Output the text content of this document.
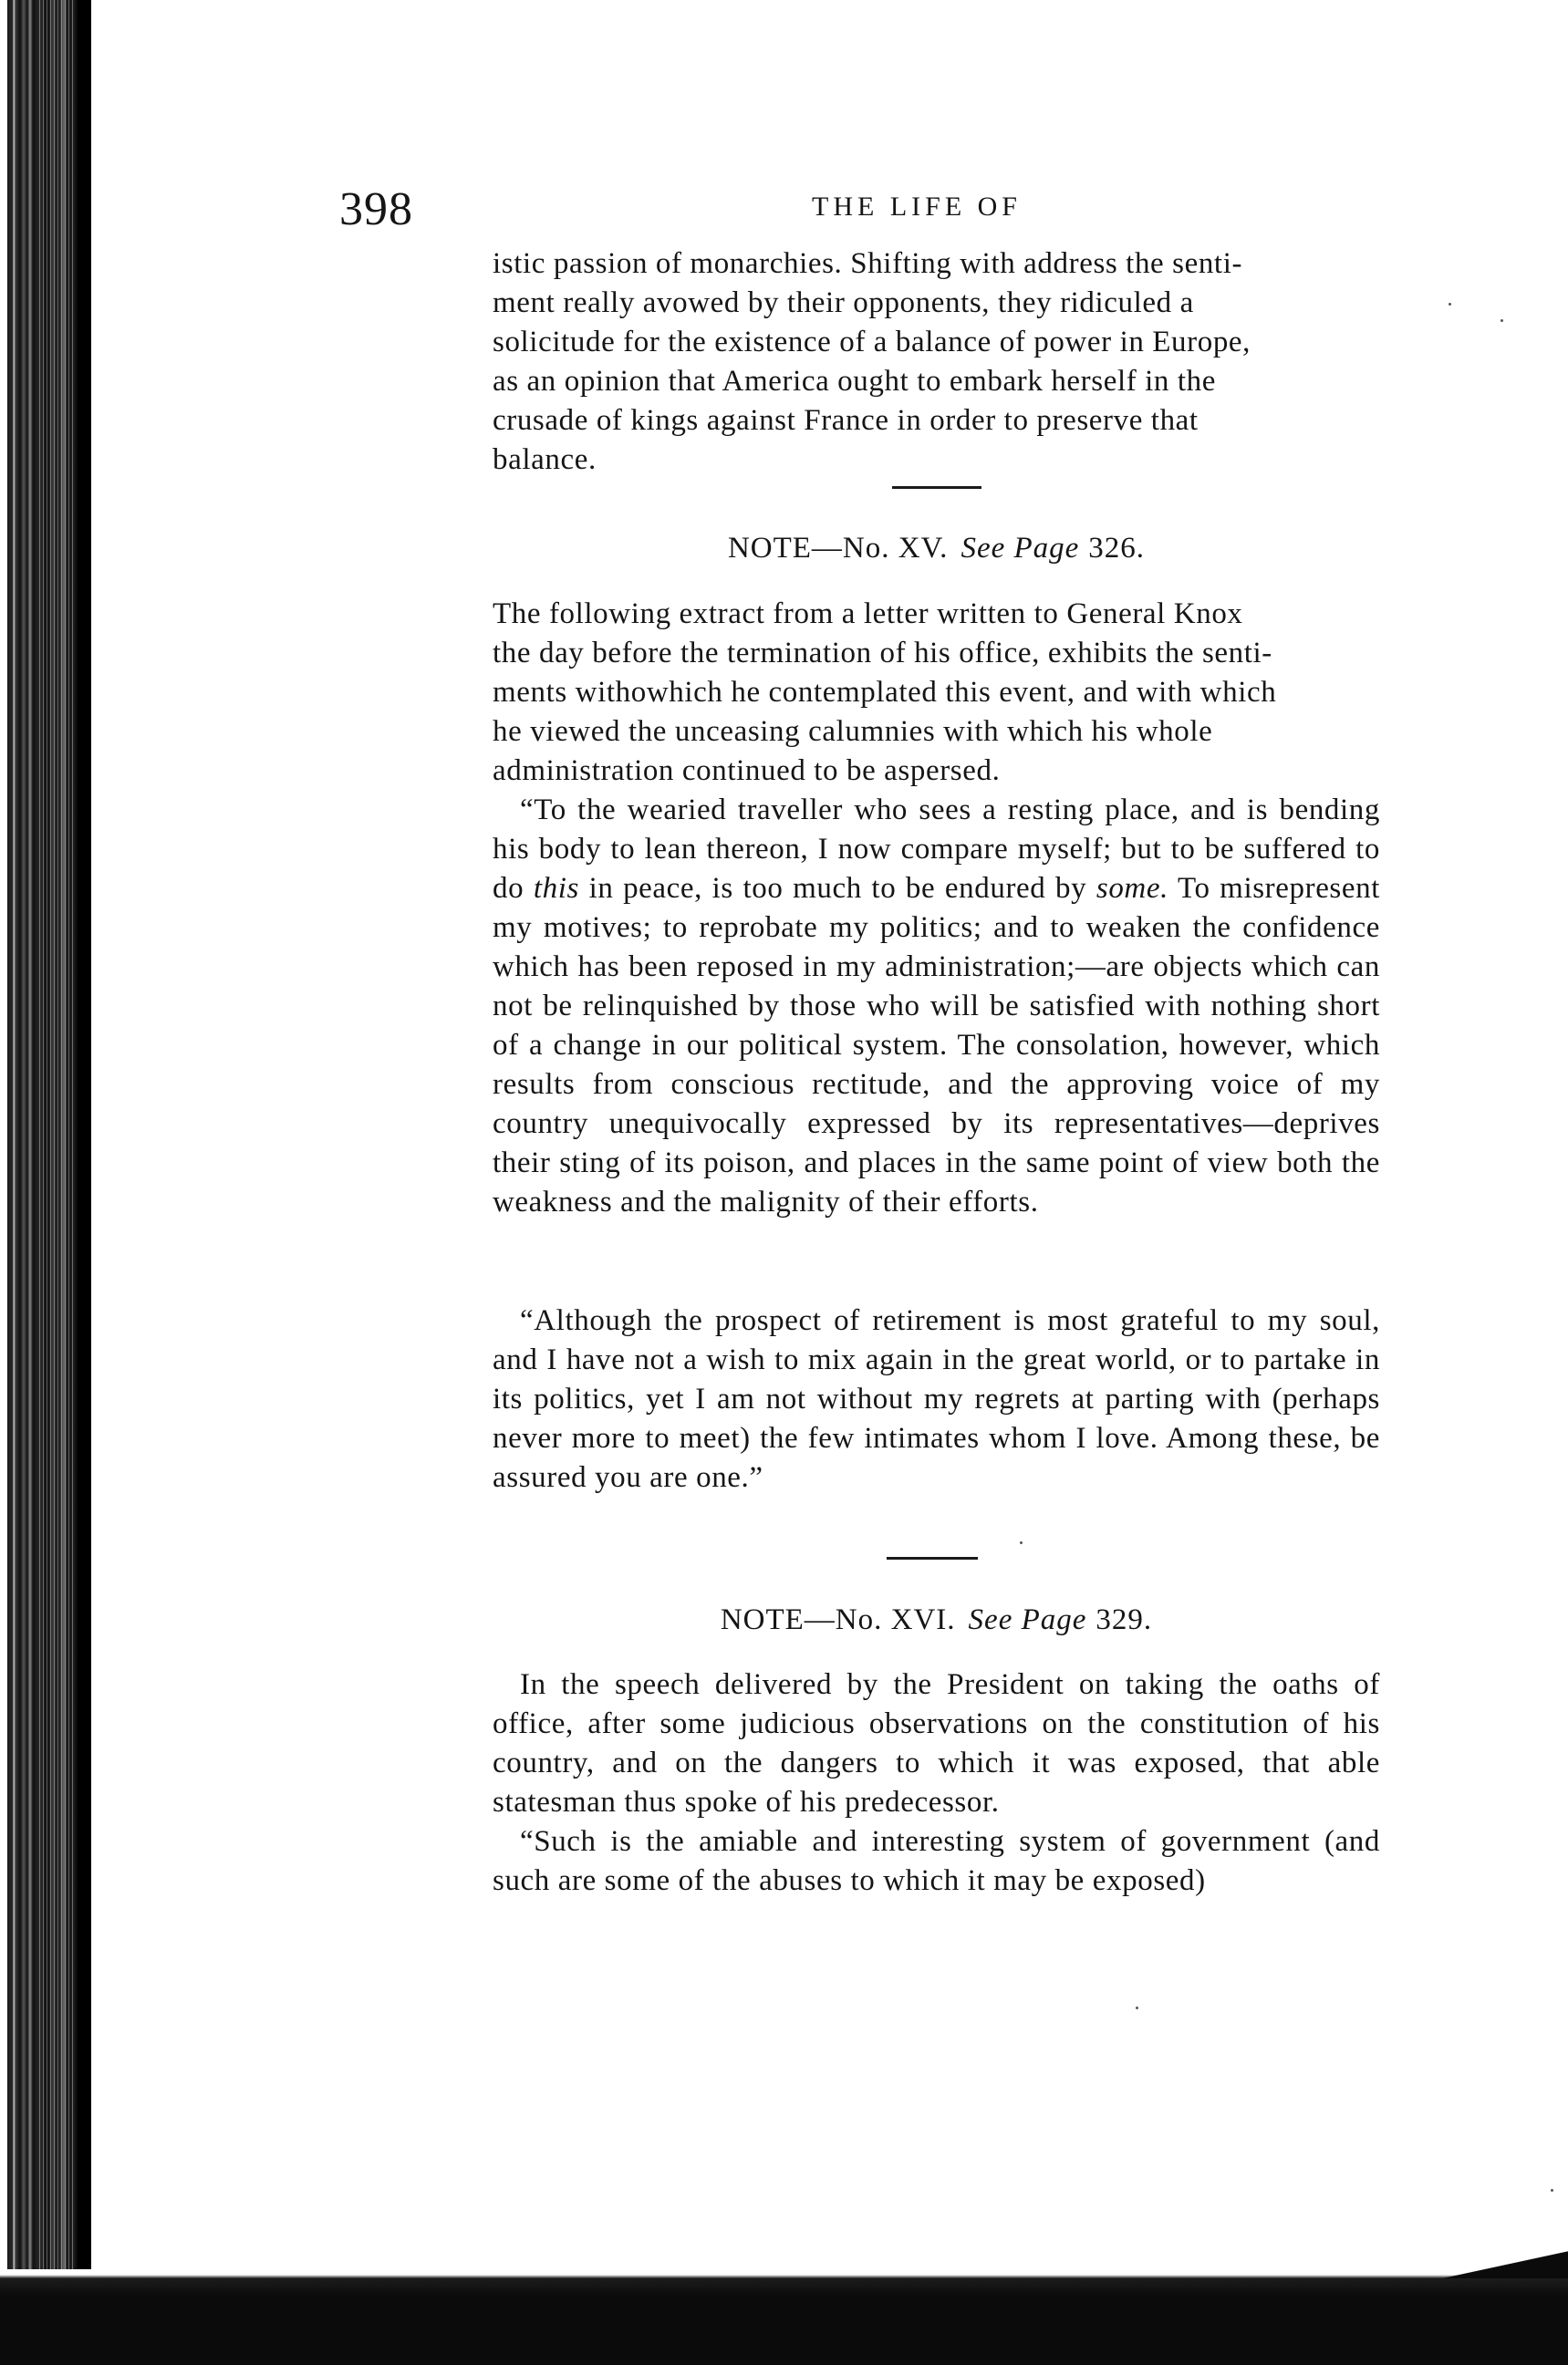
398	THE LIFE OF

istic passion of monarchies. Shifting with address the senti-

ment really avowed by their opponents, they ridiculed a

solicitude for the existence of a balance of power in Europe,

as an opinion that America ought to embark herself in the

crusade of kings against France in order to preserve that

balance.

NOTE—No. XV. See Page 326.

The following extract from a letter written to General Knox

the day before the termination of his office, exhibits the senti-

ments withowhich he contemplated this event, and with which

he viewed the unceasing calumnies with which his whole

administration continued to be aspersed.

“To the wearied traveller who sees a resting place, and is bending his body to lean thereon, I now compare myself; but to be suffered to do this in peace, is too much to be endured by some. To misrepresent my motives; to reprobate my politics; and to weaken the confidence which has been reposed in my administration;—are objects which can not be relinquished by those who will be satisfied with nothing short of a change in our political system. The consolation, however, which results from conscious rectitude, and the approving voice of my country unequivocally expressed by its representatives—deprives their sting of its poison, and places in the same point of view both the weakness and the malignity of their efforts.

“Although the prospect of retirement is most grateful to my soul, and I have not a wish to mix again in the great world, or to partake in its politics, yet I am not without my regrets at parting with (perhaps never more to meet) the few intimates whom I love. Among these, be assured you are one.”

NOTE—No. XVI. See Page 329.

In the speech delivered by the President on taking the oaths of office, after some judicious observations on the constitution of his country, and on the dangers to which it was exposed, that able statesman thus spoke of his predecessor.

“Such is the amiable and interesting system of government (and such are some of the abuses to which it may be exposed)
